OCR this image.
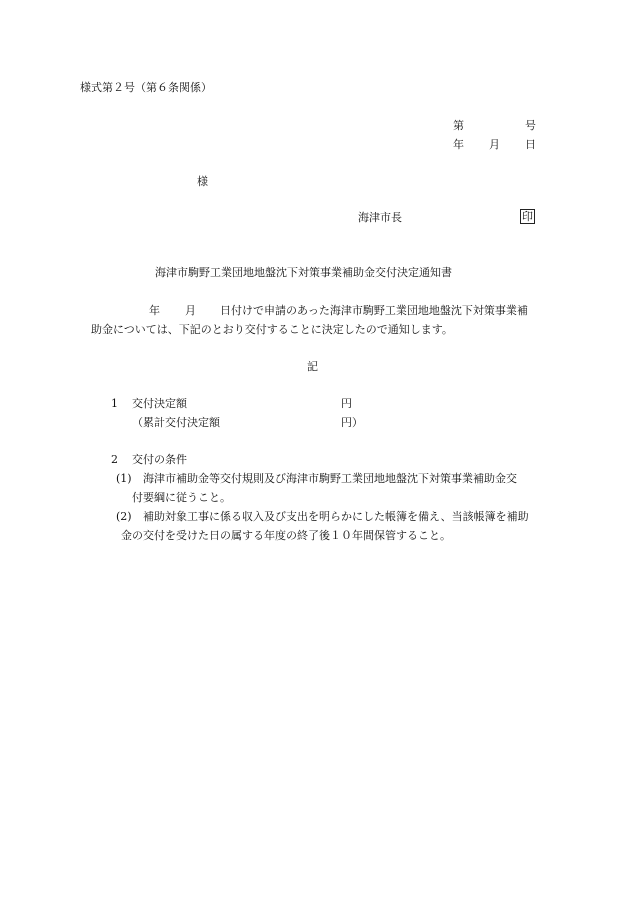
様式第２号（第６条関係）
第	号
年 月 日
様
海津市長	印
海津市駒野工業団地地盤沈下対策事業補助金交付決定通知書
年 月 日付けで申請のあった海津市駒野工業団地地盤沈下対策事業補
助金については、下記のとおり交付することに決定したので通知します。
記
1 交付決定額	円
（累計交付決定額	円）
2 交付の条件
(1) 海津市補助金等交付規則及び海津市駒野工業団地地盤沈下対策事業補助金交
付要綱に従うこと。
(2) 補助対象工事に係る収入及び支出を明らかにした帳簿を備え、当該帳簿を補助
金の交付を受けた日の属する年度の終了後１０年間保管すること。
